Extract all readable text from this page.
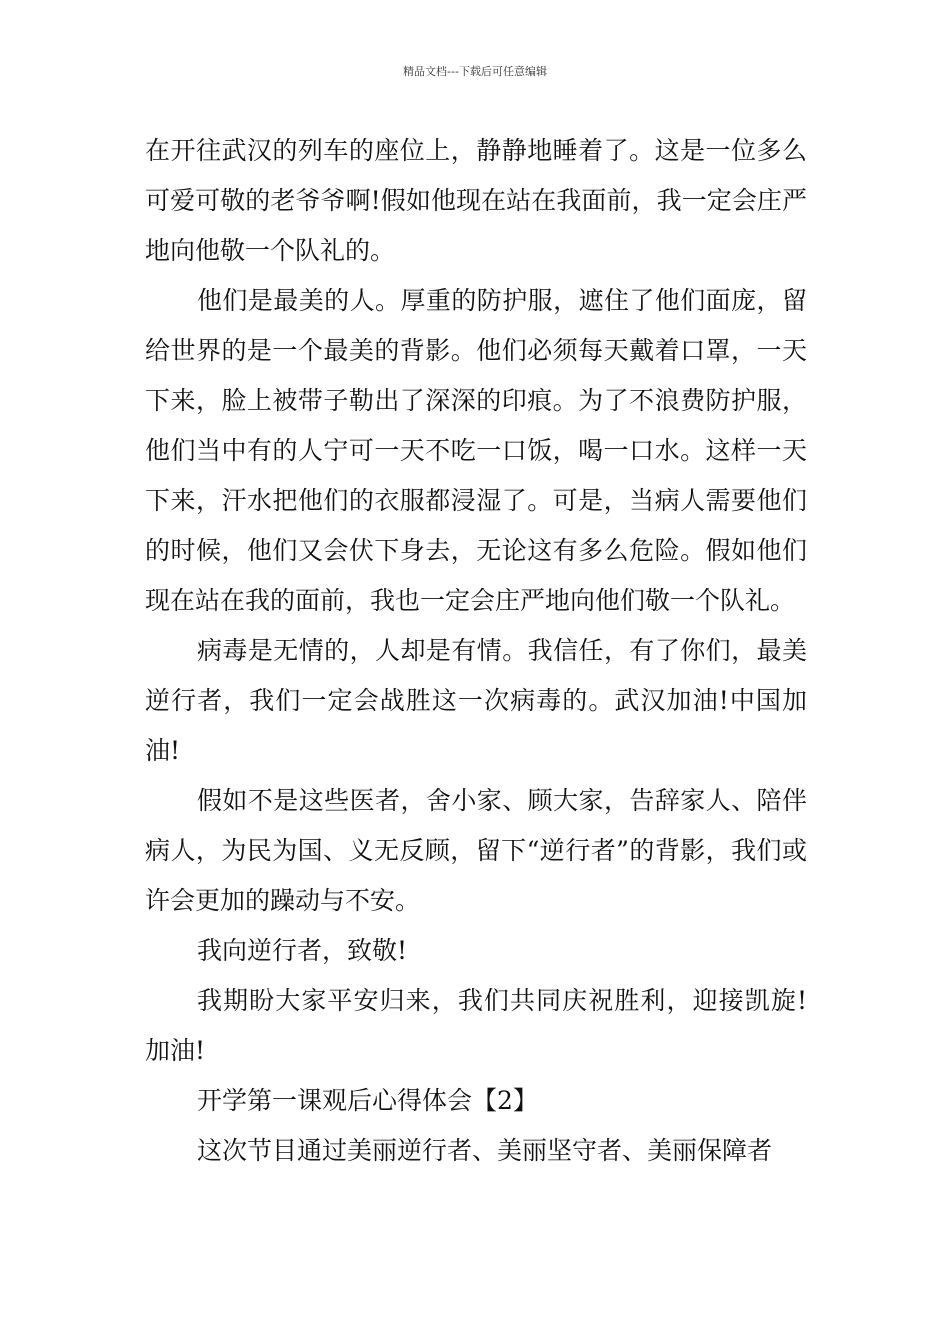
精品文档---下载后可任意编辑

在开往武汉的列车的座位上，静静地睡着了。这是一位多么可爱可敬的老爷爷啊!假如他现在站在我面前，我一定会庄严地向他敬一个队礼的。

他们是最美的人。厚重的防护服，遮住了他们面庞，留给世界的是一个最美的背影。他们必须每天戴着口罩，一天下来，脸上被带子勒出了深深的印痕。为了不浪费防护服，他们当中有的人宁可一天不吃一口饭，喝一口水。这样一天下来，汗水把他们的衣服都浸湿了。可是，当病人需要他们的时候，他们又会伏下身去，无论这有多么危险。假如他们现在站在我的面前，我也一定会庄严地向他们敬一个队礼。

病毒是无情的，人却是有情。我信任，有了你们，最美逆行者，我们一定会战胜这一次病毒的。武汉加油!中国加油!

假如不是这些医者，舍小家、顾大家，告辞家人、陪伴病人，为民为国、义无反顾，留下“逆行者”的背影，我们或许会更加的躁动与不安。

我向逆行者，致敬!

我期盼大家平安归来，我们共同庆祝胜利，迎接凯旋!加油!

开学第一课观后心得体会【2】

这次节目通过美丽逆行者、美丽坚守者、美丽保障者
